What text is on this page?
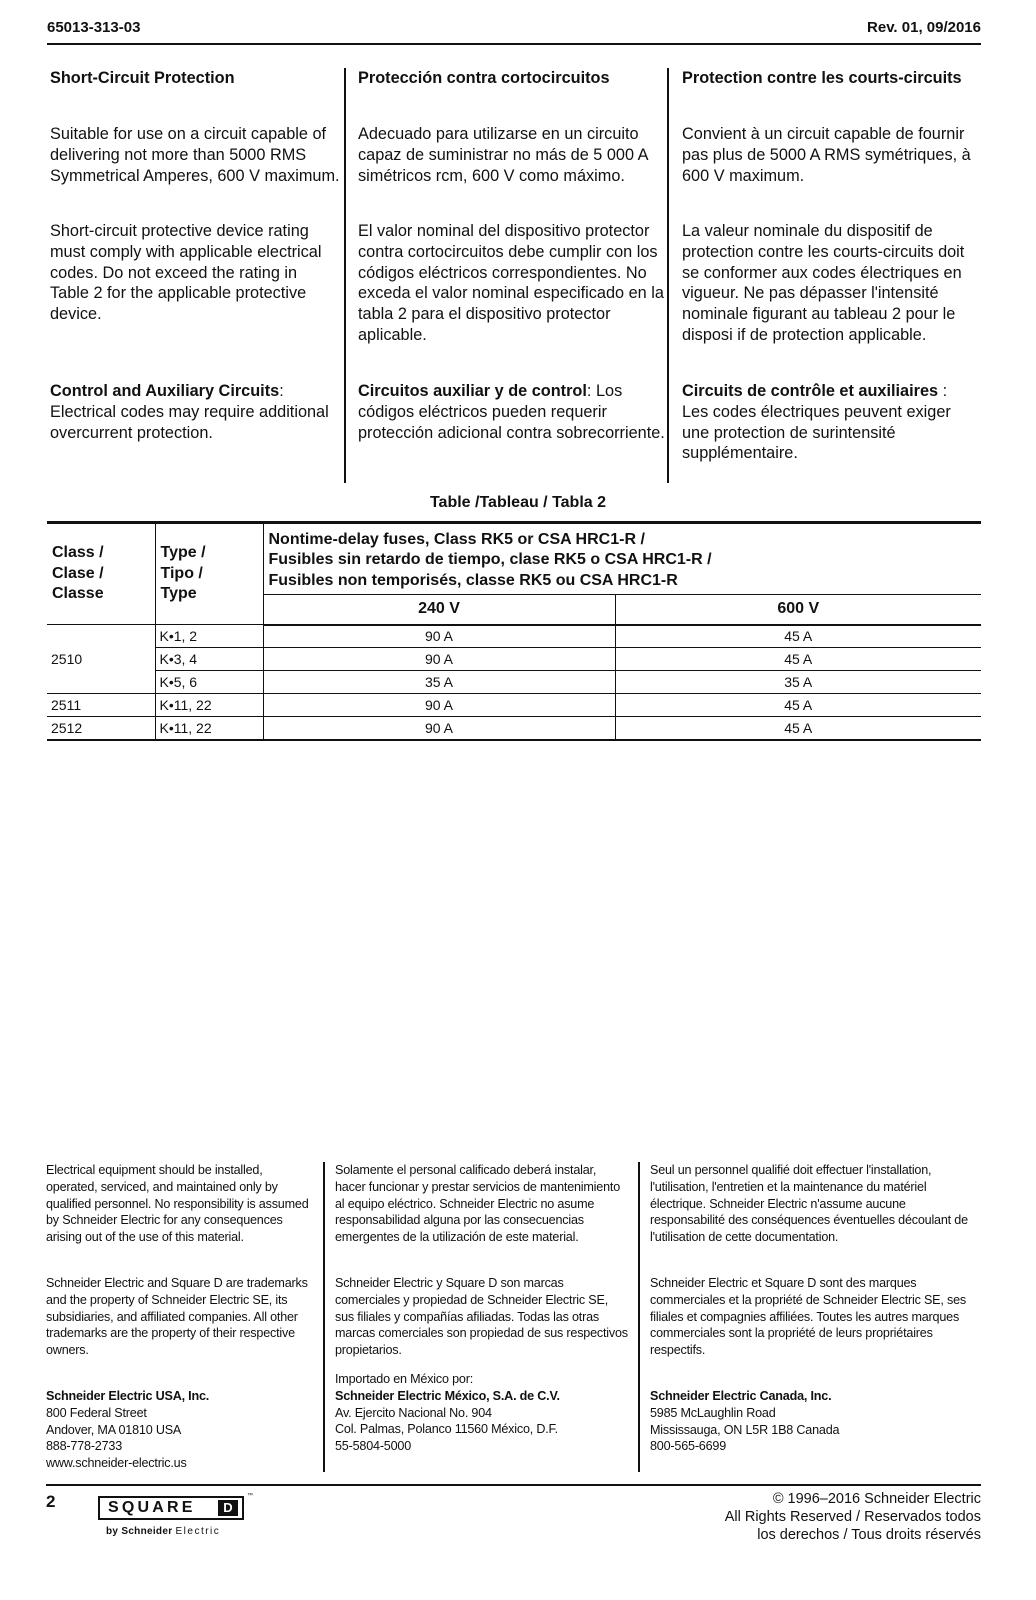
65013-313-03	Rev. 01, 09/2016
Short-Circuit Protection
Suitable for use on a circuit capable of delivering not more than 5000 RMS Symmetrical Amperes, 600 V maximum.
Short-circuit protective device rating must comply with applicable electrical codes. Do not exceed the rating in Table 2 for the applicable protective device.
Control and Auxiliary Circuits:
Electrical codes may require additional overcurrent protection.
Protección contra cortocircuitos
Adecuado para utilizarse en un circuito capaz de suministrar no más de 5 000 A simétricos rcm, 600 V como máximo.
El valor nominal del dispositivo protector contra cortocircuitos debe cumplir con los códigos eléctricos correspondientes. No exceda el valor nominal especificado en la tabla 2 para el dispositivo protector aplicable.
Circuitos auxiliar y de control: Los códigos eléctricos pueden requerir protección adicional contra sobrecorriente.
Protection contre les courts-circuits
Convient à un circuit capable de fournir pas plus de 5000 A RMS symétriques, à 600 V maximum.
La valeur nominale du dispositif de protection contre les courts-circuits doit se conformer aux codes électriques en vigueur. Ne pas dépasser l'intensité nominale figurant au tableau 2 pour le disposi if de protection applicable.
Circuits de contrôle et auxiliaires :
Les codes électriques peuvent exiger une protection de surintensité supplémentaire.
Table /Tableau / Tabla 2
Class /
Clase /
Classe	Type /
Tipo /
Type	Nontime-delay fuses, Class RK5 or CSA HRC1-R /
Fusibles sin retardo de tiempo, clase RK5 o CSA HRC1-R /
Fusibles non temporisés, classe RK5 ou CSA HRC1-R	
		240 V	600 V
2510	K•1, 2	90 A	45 A
	K•3, 4	90 A	45 A
	K•5, 6	35 A	35 A
2511	K•11, 22	90 A	45 A
2512	K•11, 22	90 A	45 A
Electrical equipment should be installed, operated, serviced, and maintained only by qualified personnel. No responsibility is assumed by Schneider Electric for any consequences arising out of the use of this material.
Schneider Electric and Square D are trademarks and the property of Schneider Electric SE, its subsidiaries, and affiliated companies. All other trademarks are the property of their respective owners.
Schneider Electric USA, Inc.
800 Federal Street
Andover, MA 01810 USA
888-778-2733
www.schneider-electric.us
Solamente el personal calificado deberá instalar, hacer funcionar y prestar servicios de mantenimiento al equipo eléctrico. Schneider Electric no asume responsabilidad alguna por las consecuencias emergentes de la utilización de este material.
Schneider Electric y Square D son marcas comerciales y propiedad de Schneider Electric SE, sus filiales y compañías afiliadas. Todas las otras marcas comerciales son propiedad de sus respectivos propietarios.
Importado en México por:
Schneider Electric México, S.A. de C.V.
Av. Ejercito Nacional No. 904
Col. Palmas, Polanco 11560 México, D.F.
55-5804-5000
Seul un personnel qualifié doit effectuer l'installation, l'utilisation, l'entretien et la maintenance du matériel électrique. Schneider Electric n'assume aucune responsabilité des conséquences éventuelles découlant de l'utilisation de cette documentation.
Schneider Electric et Square D sont des marques commerciales et la propriété de Schneider Electric SE, ses filiales et compagnies affiliées. Toutes les autres marques commerciales sont la propriété de leurs propriétaires respectifs.
Schneider Electric Canada, Inc.
5985 McLaughlin Road
Mississauga, ON L5R 1B8 Canada
800-565-6699
2	SQUARE	D
™
by Schneider Electric
© 1996–2016 Schneider Electric
All Rights Reserved / Reservados todos
los derechos / Tous droits réservés
